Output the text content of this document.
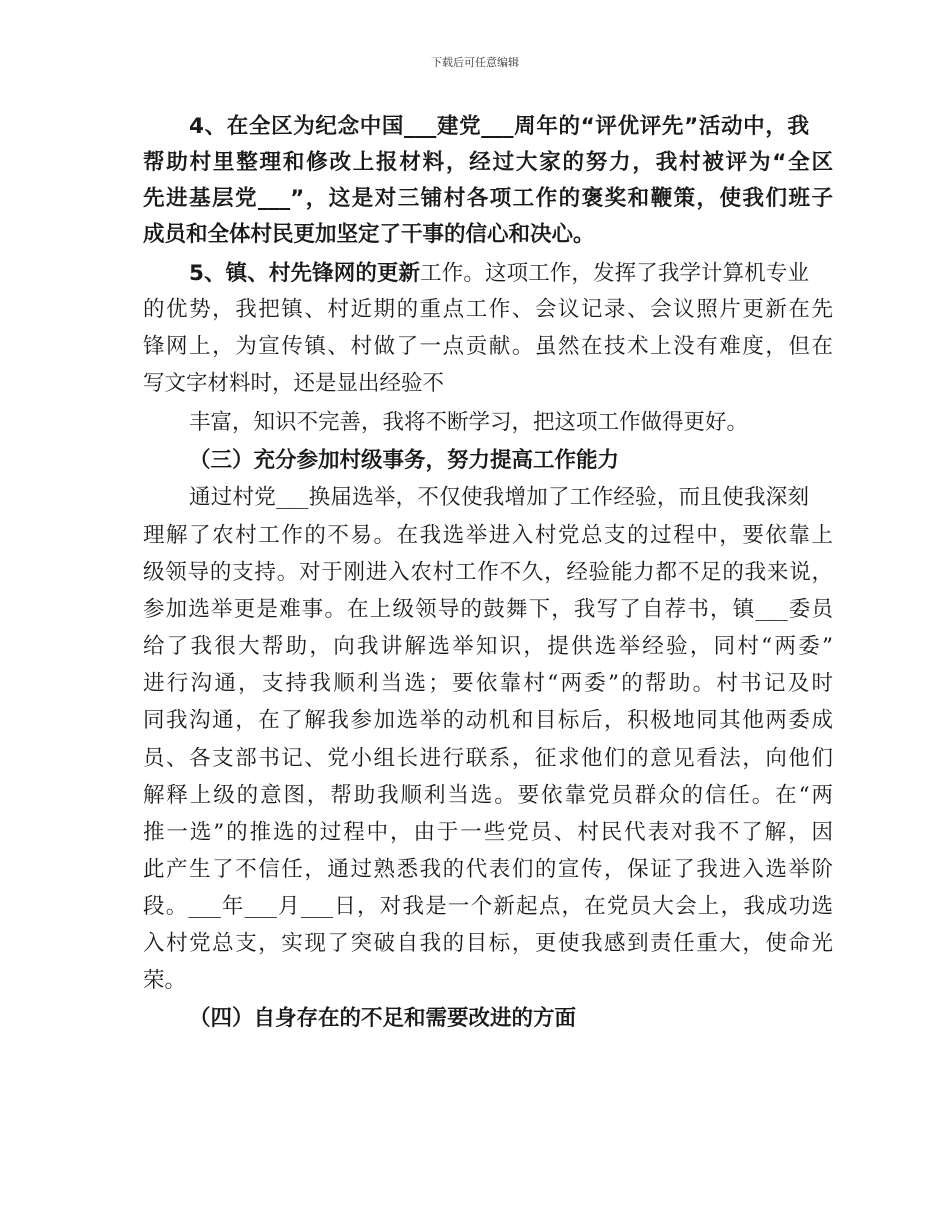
下载后可任意编辑
4、在全区为纪念中国___建党___周年的“评优评先”活动中，我
帮助村里整理和修改上报材料，经过大家的努力，我村被评为“全区
先进基层党___”，这是对三铺村各项工作的褒奖和鞭策，使我们班子
成员和全体村民更加坚定了干事的信心和决心。
5、镇、村先锋网的更新工作。这项工作，发挥了我学计算机专业
的优势，我把镇、村近期的重点工作、会议记录、会议照片更新在先
锋网上，为宣传镇、村做了一点贡献。虽然在技术上没有难度，但在
写文字材料时，还是显出经验不
丰富，知识不完善，我将不断学习，把这项工作做得更好。
（三）充分参加村级事务，努力提高工作能力
通过村党___换届选举，不仅使我增加了工作经验，而且使我深刻
理解了农村工作的不易。在我选举进入村党总支的过程中，要依靠上
级领导的支持。对于刚进入农村工作不久，经验能力都不足的我来说，
参加选举更是难事。在上级领导的鼓舞下，我写了自荐书，镇___委员
给了我很大帮助，向我讲解选举知识，提供选举经验，同村“两委”
进行沟通，支持我顺利当选；要依靠村“两委”的帮助。村书记及时
同我沟通，在了解我参加选举的动机和目标后，积极地同其他两委成
员、各支部书记、党小组长进行联系，征求他们的意见看法，向他们
解释上级的意图，帮助我顺利当选。要依靠党员群众的信任。在“两
推一选”的推选的过程中，由于一些党员、村民代表对我不了解，因
此产生了不信任，通过熟悉我的代表们的宣传，保证了我进入选举阶
段。___年___月___日，对我是一个新起点，在党员大会上，我成功选
入村党总支，实现了突破自我的目标，更使我感到责任重大，使命光
荣。
（四）自身存在的不足和需要改进的方面
